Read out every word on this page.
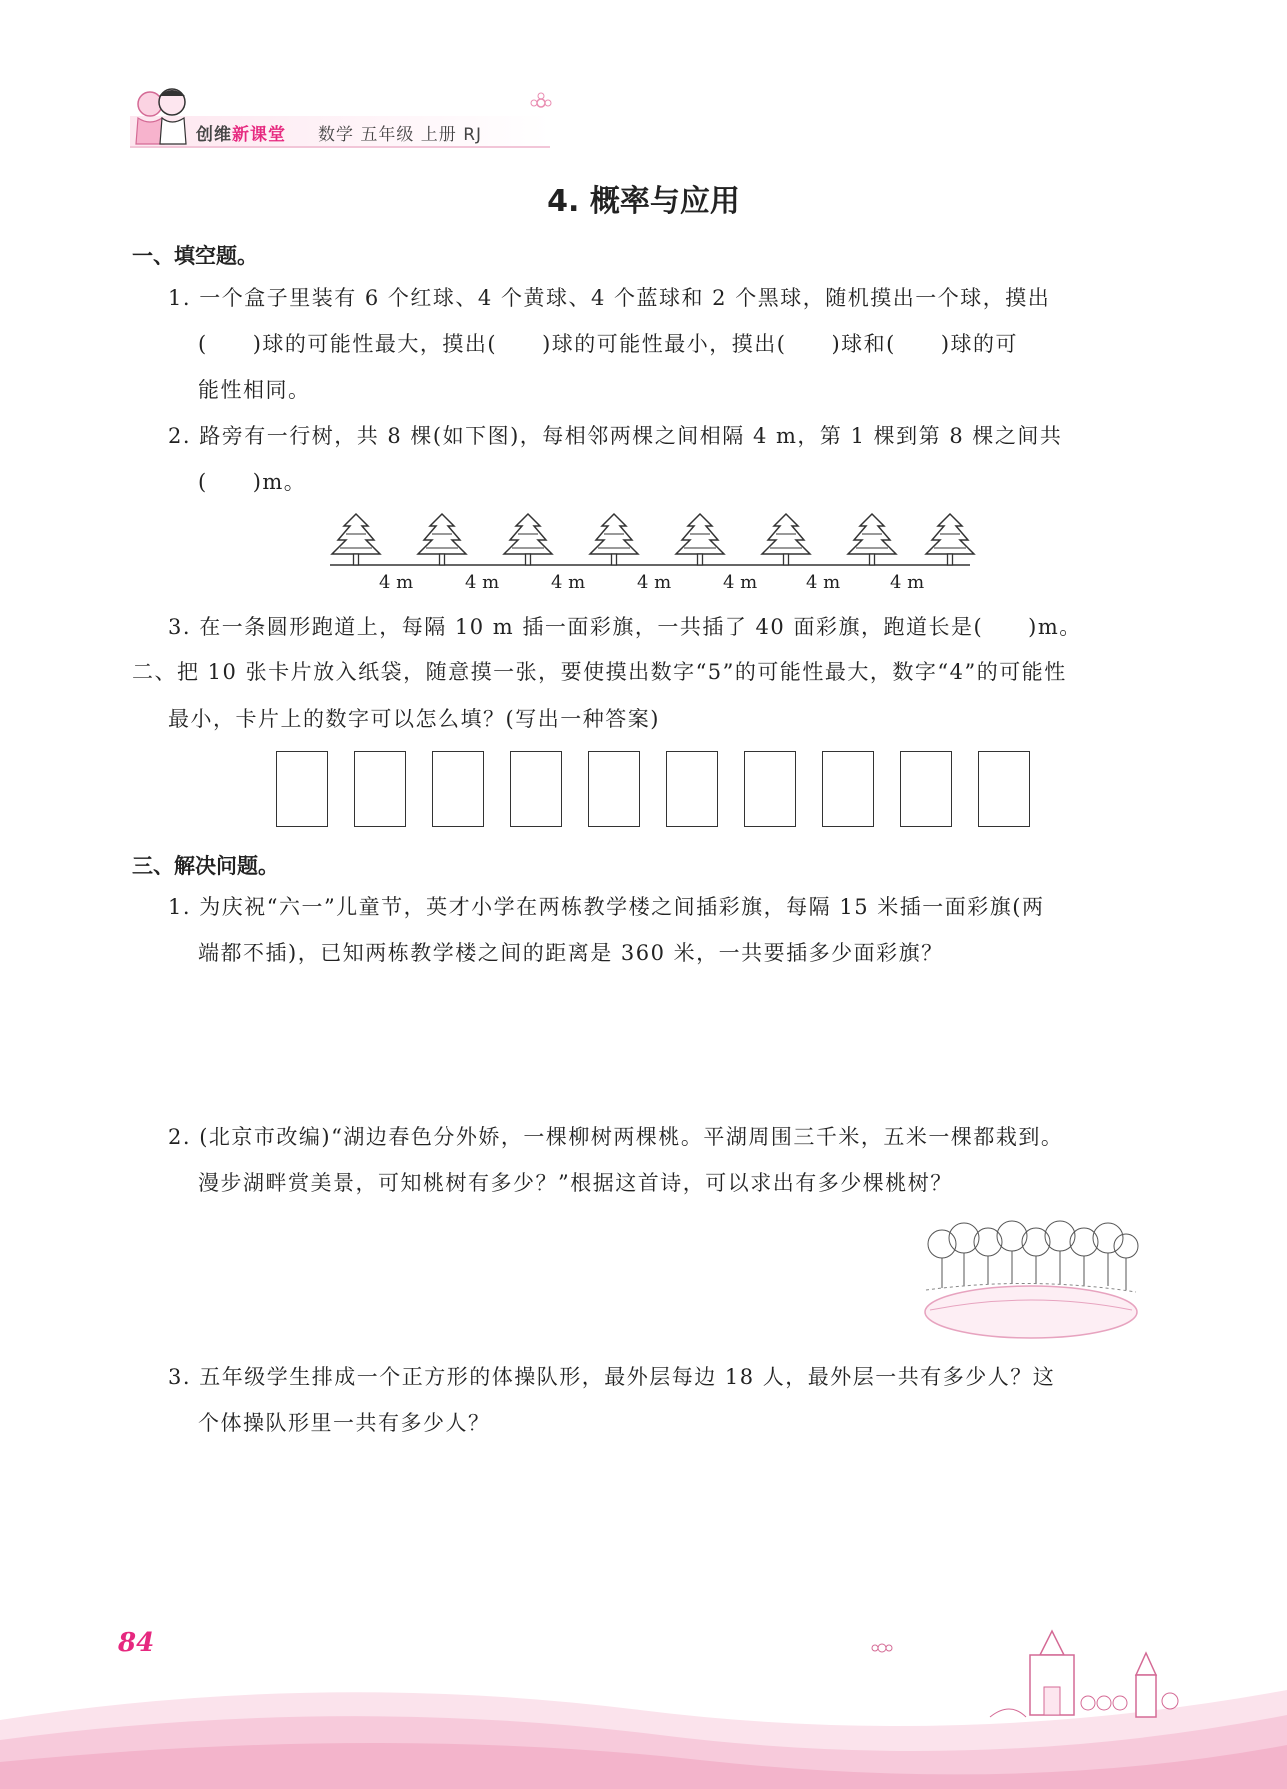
创维新课堂 数学 五年级 上册 RJ
4. 概率与应用
一、填空题。
1. 一个盒子里装有 6 个红球、4 个黄球、4 个蓝球和 2 个黑球，随机摸出一个球，摸出
(　　)球的可能性最大，摸出(　　)球的可能性最小，摸出(　　)球和(　　)球的可
能性相同。
2. 路旁有一行树，共 8 棵(如下图)，每相邻两棵之间相隔 4 m，第 1 棵到第 8 棵之间共
(　　)m。
4 m	4 m	4 m	4 m	4 m	4 m	4 m
3. 在一条圆形跑道上，每隔 10 m 插一面彩旗，一共插了 40 面彩旗，跑道长是(　　)m。
二、把 10 张卡片放入纸袋，随意摸一张，要使摸出数字“5”的可能性最大，数字“4”的可能性
最小，卡片上的数字可以怎么填？(写出一种答案)
三、解决问题。
1. 为庆祝“六一”儿童节，英才小学在两栋教学楼之间插彩旗，每隔 15 米插一面彩旗(两
端都不插)，已知两栋教学楼之间的距离是 360 米，一共要插多少面彩旗？
2. (北京市改编)“湖边春色分外娇，一棵柳树两棵桃。平湖周围三千米，五米一棵都栽到。
漫步湖畔赏美景，可知桃树有多少？”根据这首诗，可以求出有多少棵桃树？
3. 五年级学生排成一个正方形的体操队形，最外层每边 18 人，最外层一共有多少人？这
个体操队形里一共有多少人？
84
